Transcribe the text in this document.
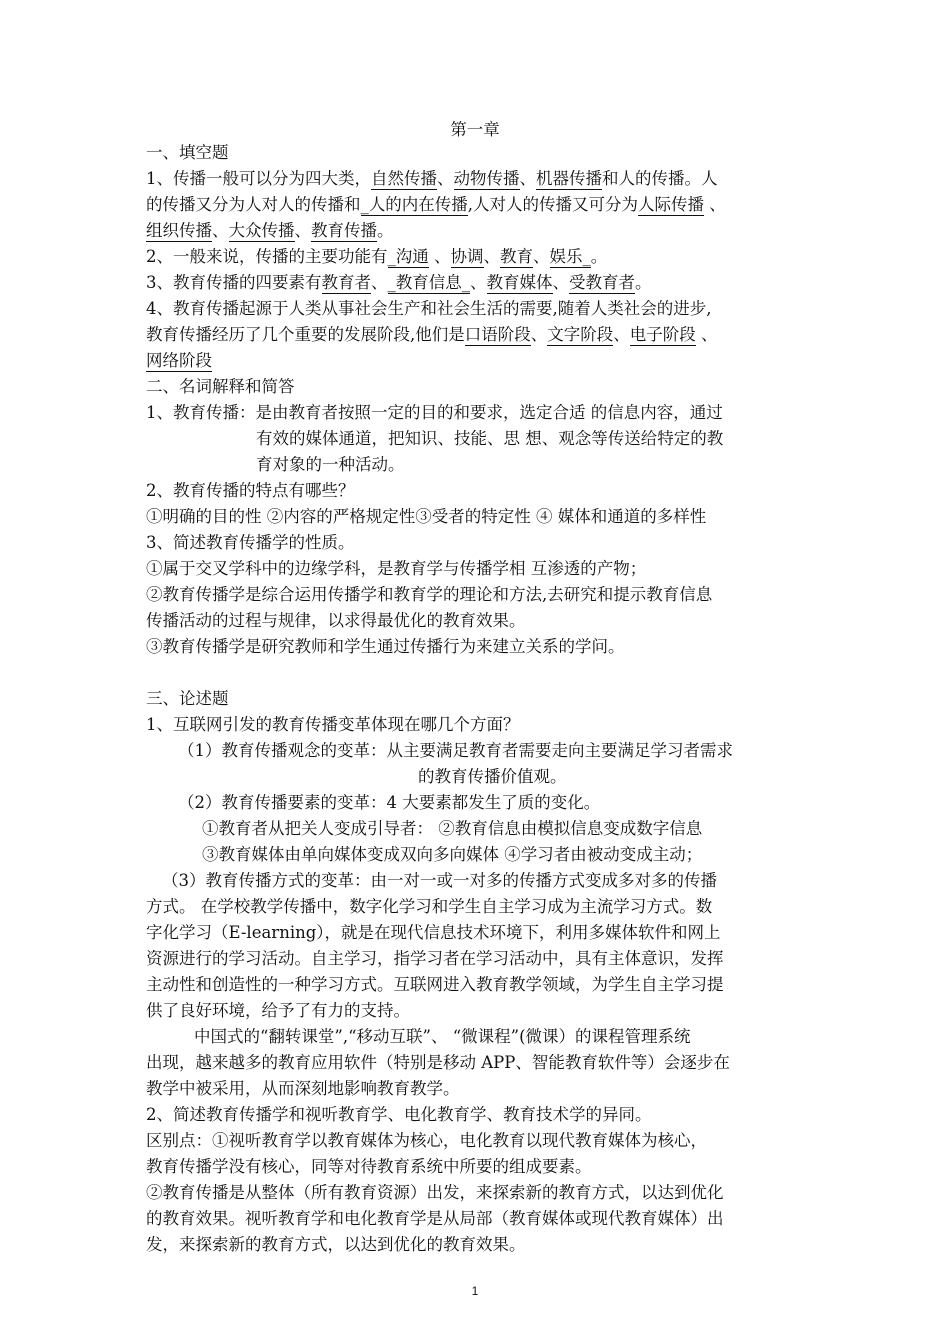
第一章
一、填空题
1、传播一般可以分为四大类，自然传播、动物传播、机器传播和人的传播。人
的传播又分为人对人的传播和_人的内在传播,人对人的传播又可分为人际传播 、
组织传播、大众传播、教育传播。
2、一般来说，传播的主要功能有_沟通 、协调、教育、娱乐_。
3、教育传播的四要素有教育者、_教育信息_、教育媒体、受教育者。
4、教育传播起源于人类从事社会生产和社会生活的需要,随着人类社会的进步,
教育传播经历了几个重要的发展阶段,他们是口语阶段、文字阶段、电子阶段 、
网络阶段
二、名词解释和简答
1、教育传播：是由教育者按照一定的目的和要求，选定合适 的信息内容，通过
有效的媒体通道，把知识、技能、思 想、观念等传送给特定的教
育对象的一种活动。
2、教育传播的特点有哪些？
①明确的目的性 ②内容的严格规定性③受者的特定性 ④ 媒体和通道的多样性
3、简述教育传播学的性质。
①属于交叉学科中的边缘学科，是教育学与传播学相 互渗透的产物；
②教育传播学是综合运用传播学和教育学的理论和方法,去研究和提示教育信息
传播活动的过程与规律，以求得最优化的教育效果。
③教育传播学是研究教师和学生通过传播行为来建立关系的学问。
三、论述题
1、互联网引发的教育传播变革体现在哪几个方面？
（1）教育传播观念的变革：从主要满足教育者需要走向主要满足学习者需求
的教育传播价值观。
（2）教育传播要素的变革：4 大要素都发生了质的变化。
①教育者从把关人变成引导者： ②教育信息由模拟信息变成数字信息
③教育媒体由单向媒体变成双向多向媒体 ④学习者由被动变成主动；
（3）教育传播方式的变革：由一对一或一对多的传播方式变成多对多的传播
方式。 在学校教学传播中，数字化学习和学生自主学习成为主流学习方式。数
字化学习（E-learning），就是在现代信息技术环境下，利用多媒体软件和网上
资源进行的学习活动。自主学习，指学习者在学习活动中，具有主体意识，发挥
主动性和创造性的一种学习方式。互联网进入教育教学领域，为学生自主学习提
供了良好环境，给予了有力的支持。
中国式的“翻转课堂”,“移动互联”、 “微课程”(微课）的课程管理系统
出现，越来越多的教育应用软件（特别是移动 APP、智能教育软件等）会逐步在
教学中被采用，从而深刻地影响教育教学。
2、简述教育传播学和视听教育学、电化教育学、教育技术学的异同。
区别点：①视听教育学以教育媒体为核心，电化教育以现代教育媒体为核心，
教育传播学没有核心，同等对待教育系统中所要的组成要素。
②教育传播是从整体（所有教育资源）出发，来探索新的教育方式，以达到优化
的教育效果。视听教育学和电化教育学是从局部（教育媒体或现代教育媒体）出
发，来探索新的教育方式，以达到优化的教育效果。
1
